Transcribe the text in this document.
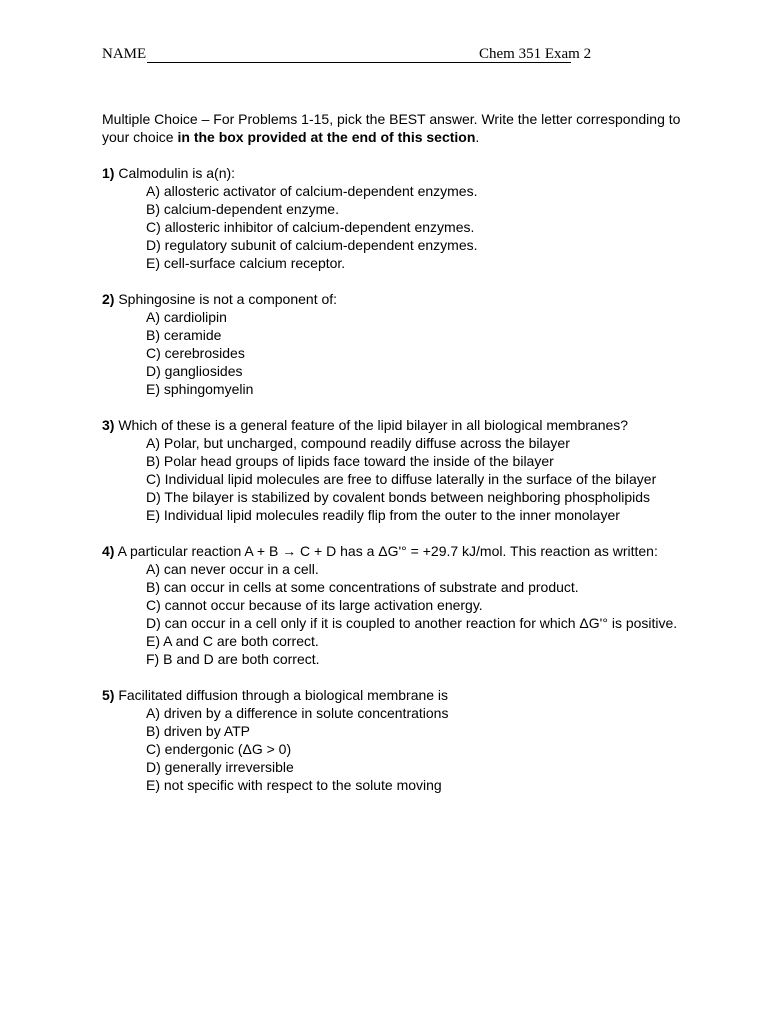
NAME	Chem 351 Exam 2

Multiple Choice – For Problems 1-15, pick the BEST answer. Write the letter corresponding to your choice in the box provided at the end of this section.

1) Calmodulin is a(n):
A) allosteric activator of calcium-dependent enzymes.
B) calcium-dependent enzyme.
C) allosteric inhibitor of calcium-dependent enzymes.
D) regulatory subunit of calcium-dependent enzymes.
E) cell-surface calcium receptor.
2) Sphingosine is not a component of:
A) cardiolipin
B) ceramide
C) cerebrosides
D) gangliosides
E) sphingomyelin
3) Which of these is a general feature of the lipid bilayer in all biological membranes?
A) Polar, but uncharged, compound readily diffuse across the bilayer
B) Polar head groups of lipids face toward the inside of the bilayer
C) Individual lipid molecules are free to diffuse laterally in the surface of the bilayer
D) The bilayer is stabilized by covalent bonds between neighboring phospholipids
E) Individual lipid molecules readily flip from the outer to the inner monolayer
4) A particular reaction A + B → C + D has a ΔG'° = +29.7 kJ/mol. This reaction as written:
A) can never occur in a cell.
B) can occur in cells at some concentrations of substrate and product.
C) cannot occur because of its large activation energy.
D) can occur in a cell only if it is coupled to another reaction for which ΔG'° is positive.
E) A and C are both correct.
F) B and D are both correct.
5) Facilitated diffusion through a biological membrane is
A) driven by a difference in solute concentrations
B) driven by ATP
C) endergonic (ΔG > 0)
D) generally irreversible
E) not specific with respect to the solute moving
